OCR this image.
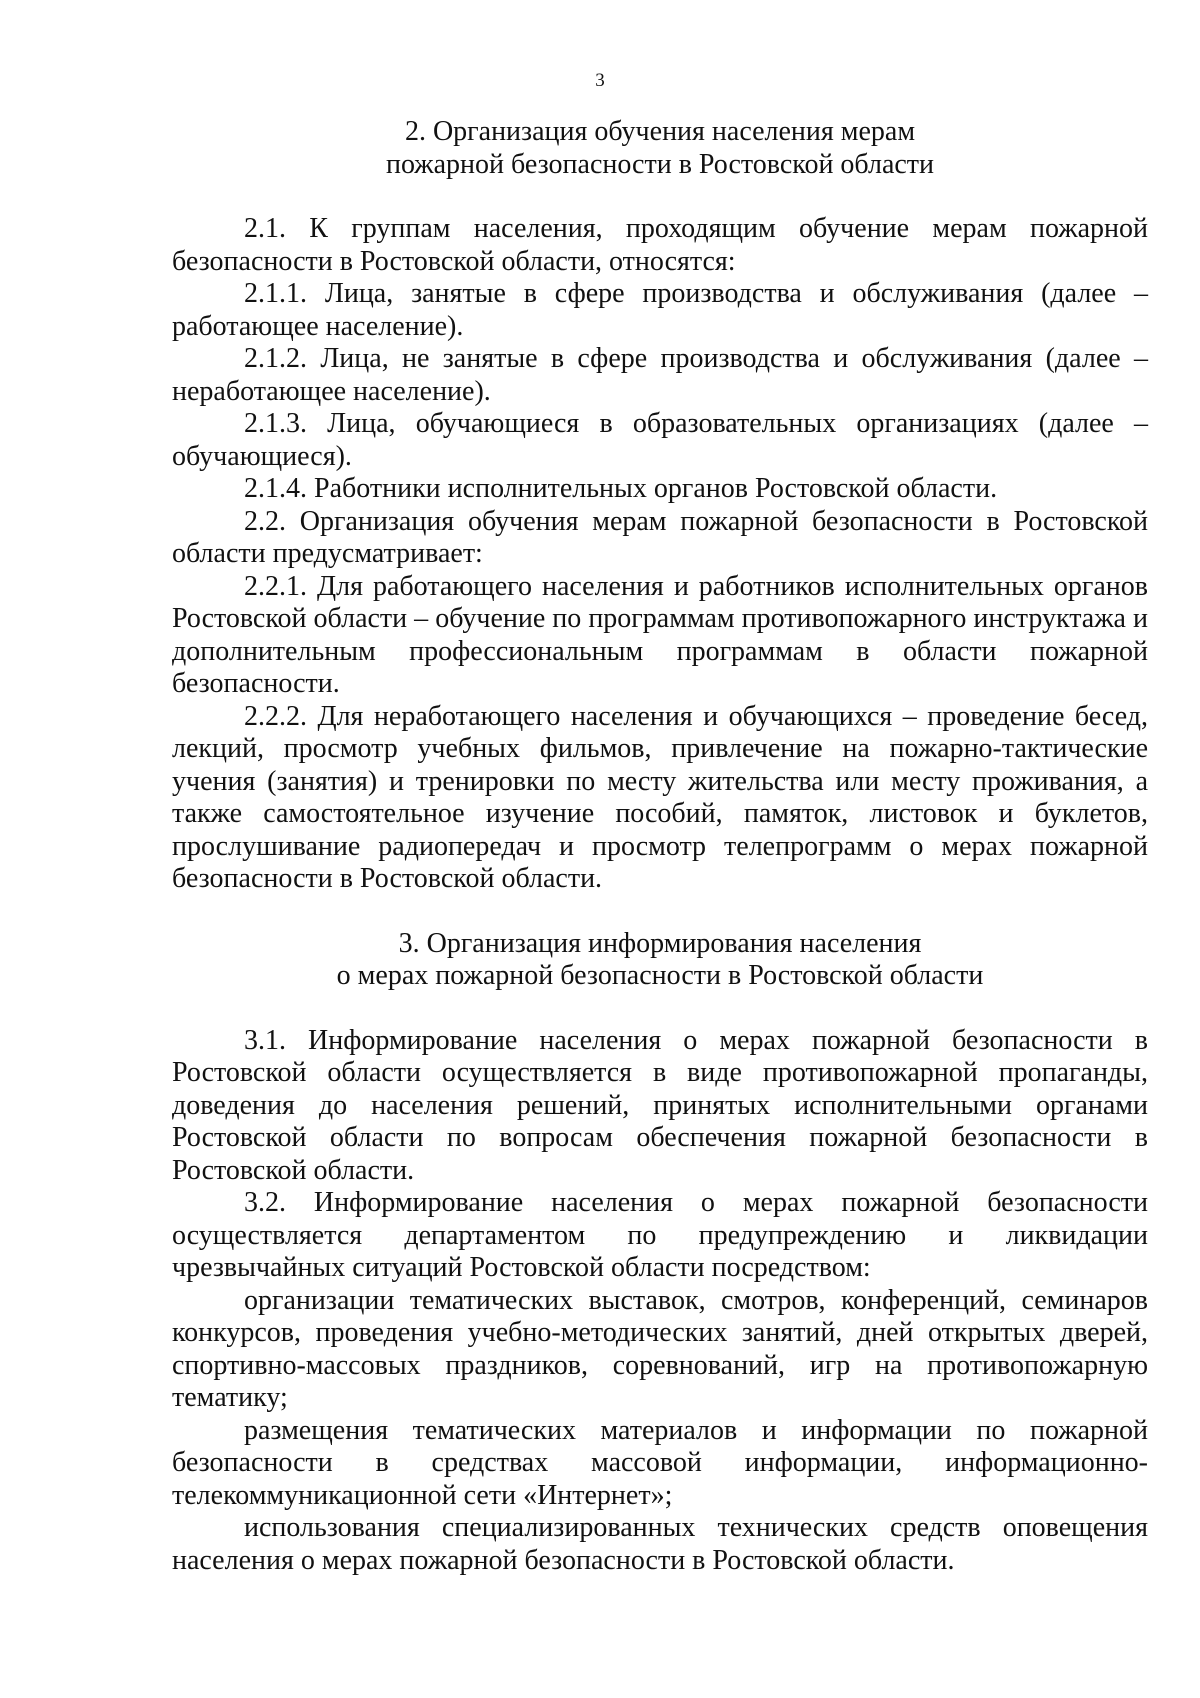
3
2. Организация обучения населения мерам
пожарной безопасности в Ростовской области

2.1. К группам населения, проходящим обучение мерам пожарной безопасности в Ростовской области, относятся:

2.1.1. Лица, занятые в сфере производства и обслуживания (далее – работающее население).

2.1.2. Лица, не занятые в сфере производства и обслуживания (далее – неработающее население).

2.1.3. Лица, обучающиеся в образовательных организациях (далее – обучающиеся).

2.1.4. Работники исполнительных органов Ростовской области.

2.2. Организация обучения мерам пожарной безопасности в Ростовской области предусматривает:

2.2.1. Для работающего населения и работников исполнительных органов Ростовской области – обучение по программам противопожарного инструктажа и дополнительным профессиональным программам в области пожарной безопасности.

2.2.2. Для неработающего населения и обучающихся – проведение бесед, лекций, просмотр учебных фильмов, привлечение на пожарно-тактические учения (занятия) и тренировки по месту жительства или месту проживания, а также самостоятельное изучение пособий, памяток, листовок и буклетов, прослушивание радиопередач и просмотр телепрограмм о мерах пожарной безопасности в Ростовской области.

3. Организация информирования населения
о мерах пожарной безопасности в Ростовской области

3.1. Информирование населения о мерах пожарной безопасности в Ростовской области осуществляется в виде противопожарной пропаганды, доведения до населения решений, принятых исполнительными органами Ростовской области по вопросам обеспечения пожарной безопасности в Ростовской области.

3.2. Информирование населения о мерах пожарной безопасности осуществляется департаментом по предупреждению и ликвидации чрезвычайных ситуаций Ростовской области посредством:

организации тематических выставок, смотров, конференций, семинаров конкурсов, проведения учебно-методических занятий, дней открытых дверей, спортивно-массовых праздников, соревнований, игр на противопожарную тематику;

размещения тематических материалов и информации по пожарной безопасности в средствах массовой информации, информационно-телекоммуникационной сети «Интернет»;

использования специализированных технических средств оповещения населения о мерах пожарной безопасности в Ростовской области.
